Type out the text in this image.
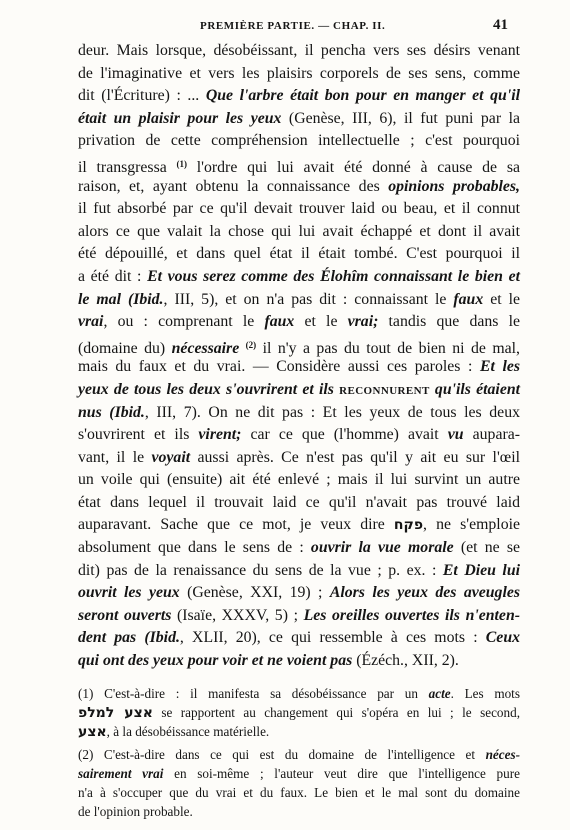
PREMIÈRE PARTIE. — CHAP. II.	41
deur. Mais lorsque, désobéissant, il pencha vers ses désirs venant
de l'imaginative et vers les plaisirs corporels de ses sens, comme
dit (l'Écriture) : ... Que l'arbre était bon pour en manger et qu'il
était un plaisir pour les yeux (Genèse, III, 6), il fut puni par la
privation de cette compréhension intellectuelle ; c'est pourquoi
il transgressa $^{(1)}$ l'ordre qui lui avait été donné à cause de sa
raison, et, ayant obtenu la connaissance des opinions probables,
il fut absorbé par ce qu'il devait trouver laid ou beau, et il connut
alors ce que valait la chose qui lui avait échappé et dont il avait
été dépouillé, et dans quel état il était tombé. C'est pourquoi il
a été dit : Et vous serez comme des Élohîm connaissant le bien et
le mal (Ibid., III, 5), et on n'a pas dit : connaissant le faux et le
vrai, ou : comprenant le faux et le vrai; tandis que dans le
(domaine du) nécessaire $^{(2)}$ il n'y a pas du tout de bien ni de mal,
mais du faux et du vrai. — Considère aussi ces paroles : Et les
yeux de tous les deux s'ouvrirent et ils RECONNURENT qu'ils étaient
nus (Ibid., III, 7). On ne dit pas : Et les yeux de tous les deux
s'ouvrirent et ils virent; car ce que (l'homme) avait vu aupara-
vant, il le voyait aussi après. Ce n'est pas qu'il y ait eu sur l'œil
un voile qui (ensuite) ait été enlevé ; mais il lui survint un autre
état dans lequel il trouvait laid ce qu'il n'avait pas trouvé laid
auparavant. Sache que ce mot, je veux dire פקח, ne s'emploie
absolument que dans le sens de : ouvrir la vue morale (et ne se
dit) pas de la renaissance du sens de la vue ; p. ex. : Et Dieu lui
ouvrit les yeux (Genèse, XXI, 19) ; Alors les yeux des aveugles
seront ouverts (Isaïe, XXXV, 5) ; Les oreilles ouvertes ils n'enten-
dent pas (Ibid., XLII, 20), ce qui ressemble à ces mots : Ceux
qui ont des yeux pour voir et ne voient pas (Ézéch., XII, 2).
(1) C'est-à-dire : il manifesta sa désobéissance par un acte. Les mots
אצע למלפ se rapportent au changement qui s'opéra en lui ; le second,
אצע, à la désobéissance matérielle.
(2) C'est-à-dire dans ce qui est du domaine de l'intelligence et néces-
sairement vrai en soi-même ; l'auteur veut dire que l'intelligence pure
n'a à s'occuper que du vrai et du faux. Le bien et le mal sont du domaine
de l'opinion probable.
